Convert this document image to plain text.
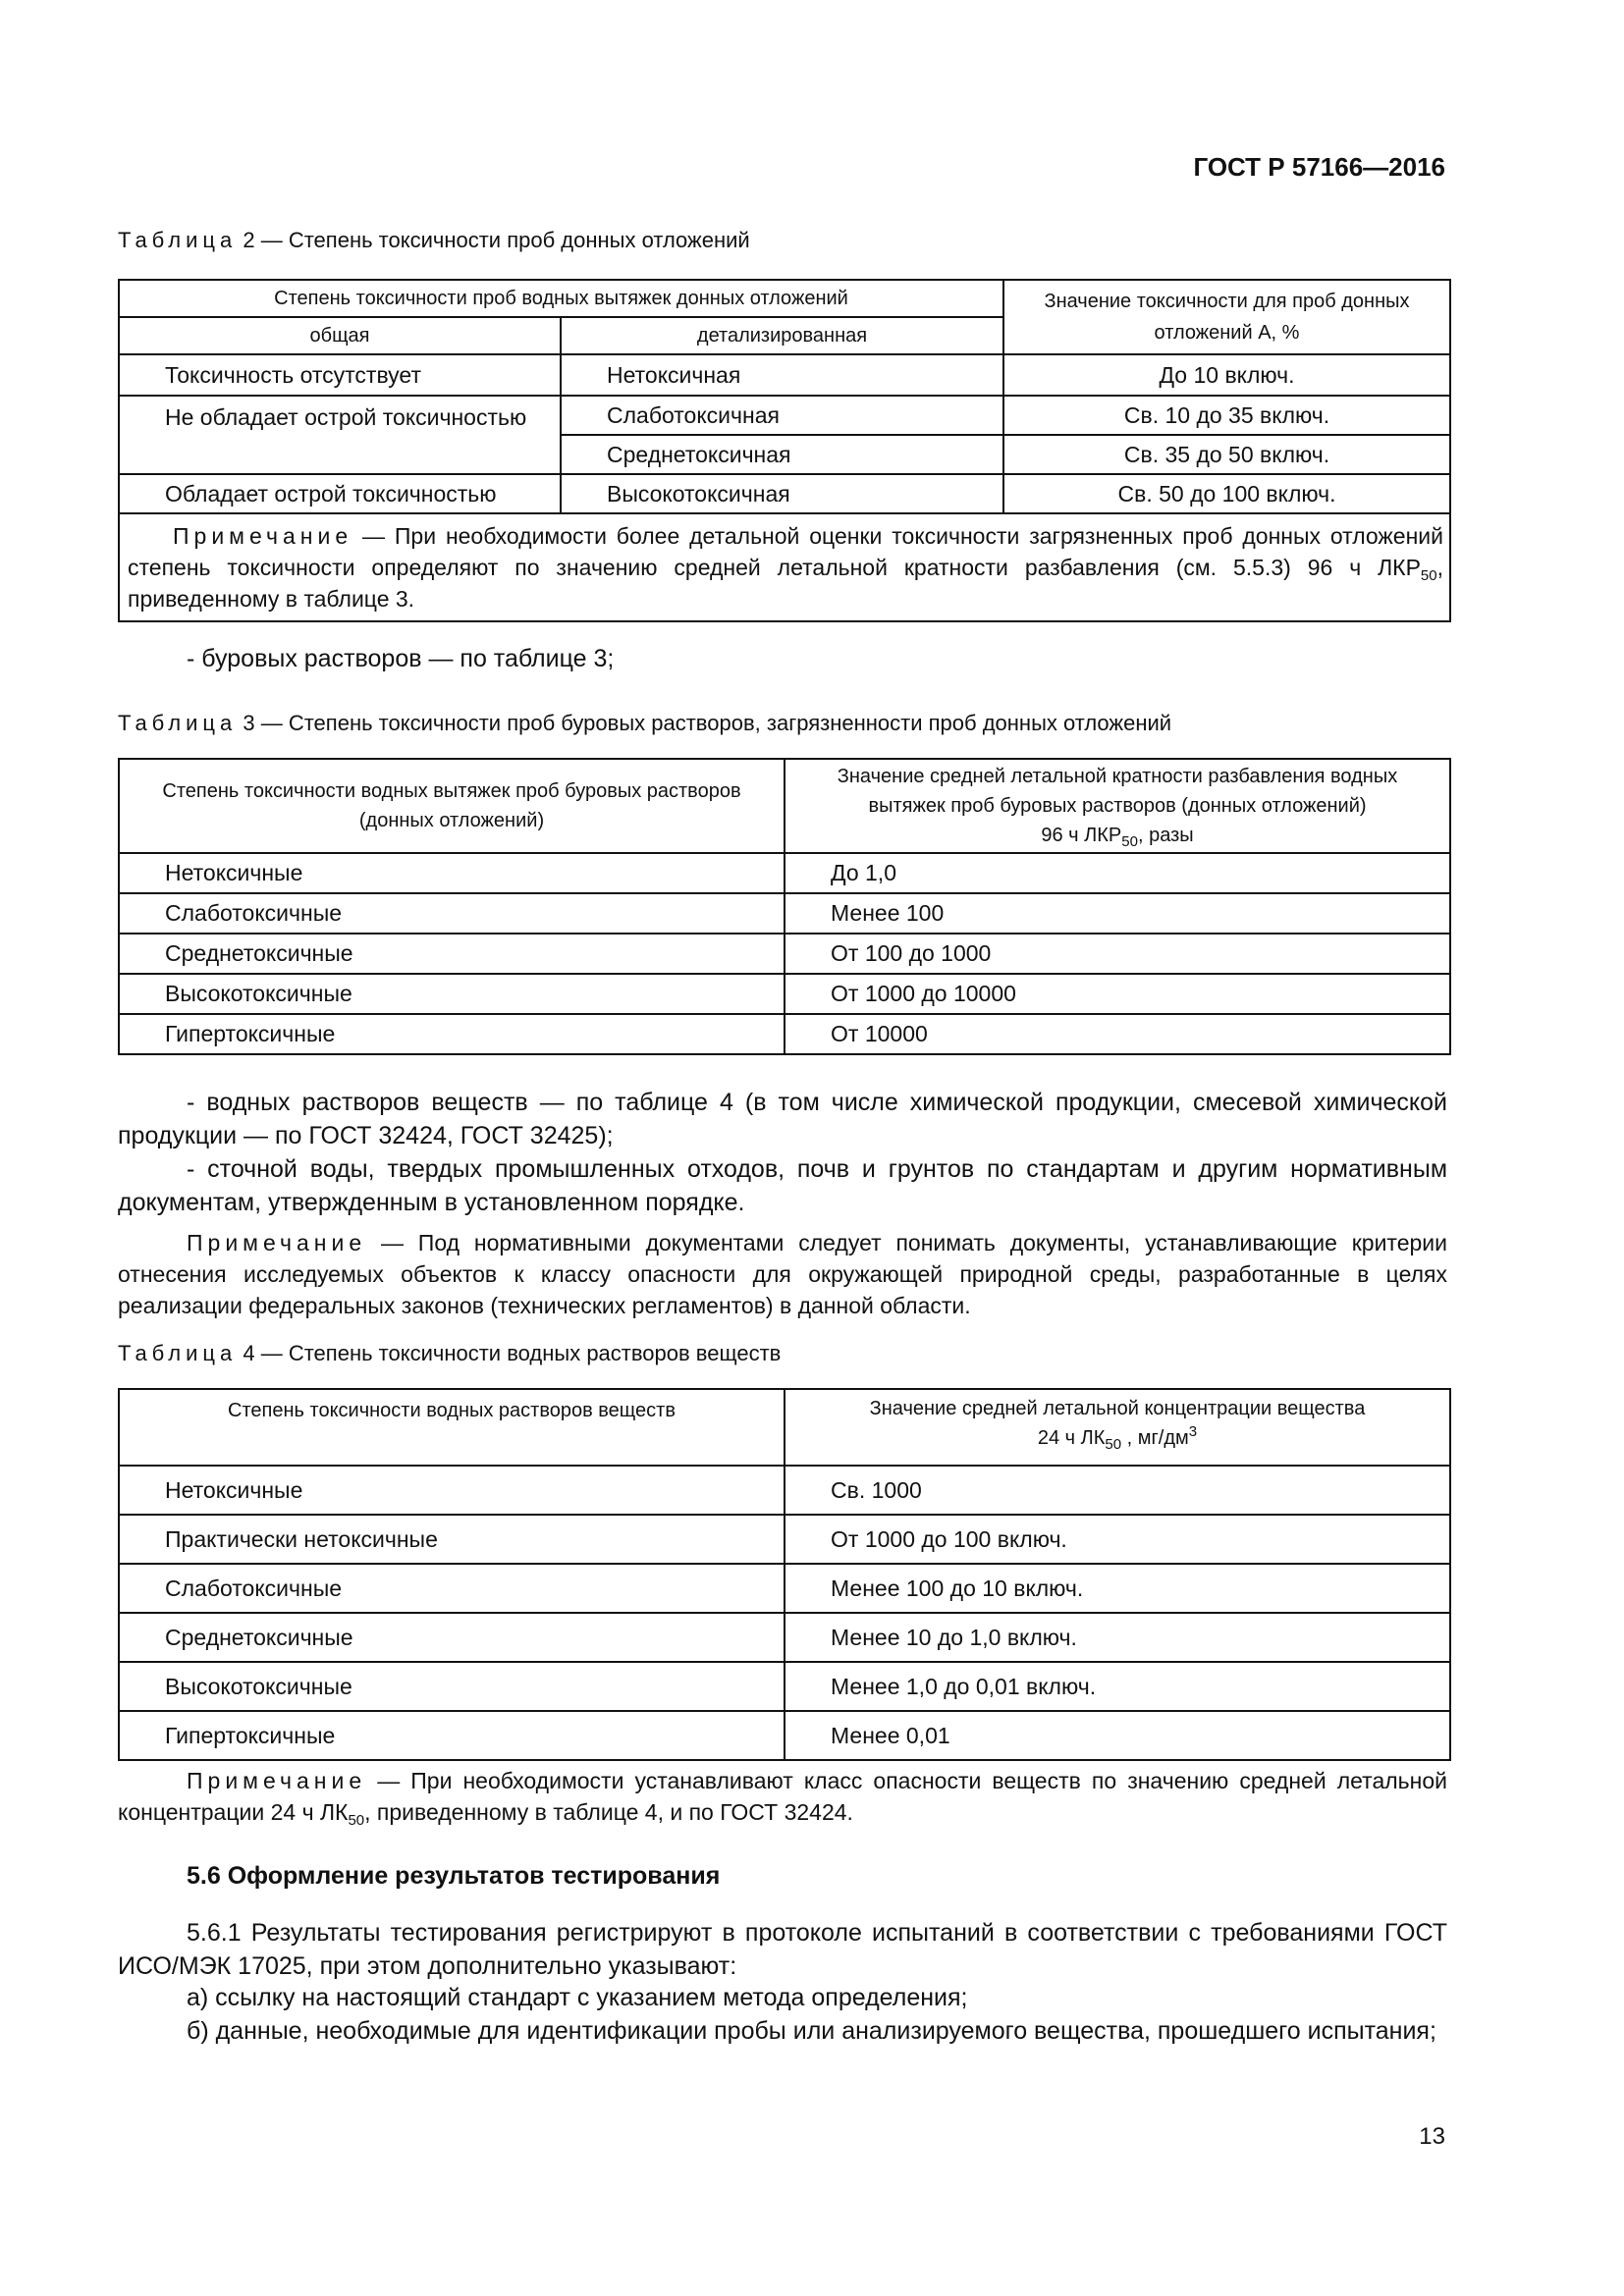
ГОСТ Р 57166—2016
Таблица 2 — Степень токсичности проб донных отложений
Степень токсичности проб водных вытяжек донных отложений		Значение токсичности для проб донных отложений А, %
общая	детализированная	
Токсичность отсутствует	Нетоксичная	До 10 включ.
Не обладает острой токсичностью	Слаботоксичная	Св. 10 до 35 включ.
	Среднетоксичная	Св. 35 до 50 включ.
Обладает острой токсичностью	Высокотоксичная	Св. 50 до 100 включ.
Примечание — При необходимости более детальной оценки токсичности загрязненных проб донных отложений степень токсичности определяют по значению средней летальной кратности разбавления (см. 5.5.3) 96 ч $ЛКР_{50}$, приведенному в таблице 3.		
- буровых растворов — по таблице 3;
Таблица 3 — Степень токсичности проб буровых растворов, загрязненности проб донных отложений
Степень токсичности водных вытяжек проб буровых растворов (донных отложений)	Значение средней летальной кратности разбавления водных вытяжек проб буровых растворов (донных отложений)
96 ч $ЛКР_{50}$, разы
Нетоксичные	До 1,0
Слаботоксичные	Менее 100
Среднетоксичные	От 100 до 1000
Высокотоксичные	От 1000 до 10000
Гипертоксичные	От 10000
- водных растворов веществ — по таблице 4 (в том числе химической продукции, смесевой химической продукции — по ГОСТ 32424, ГОСТ 32425);
- сточной воды, твердых промышленных отходов, почв и грунтов по стандартам и другим нормативным документам, утвержденным в установленном порядке.
Примечание — Под нормативными документами следует понимать документы, устанавливающие критерии отнесения исследуемых объектов к классу опасности для окружающей природной среды, разработанные в целях реализации федеральных законов (технических регламентов) в данной области.
Таблица 4 — Степень токсичности водных растворов веществ
Степень токсичности водных растворов веществ	Значение средней летальной концентрации вещества
24 ч $ЛК_{50}$ , $мг/дм^3$
Нетоксичные	Св. 1000
Практически нетоксичные	От 1000 до 100 включ.
Слаботоксичные	Менее 100 до 10 включ.
Среднетоксичные	Менее 10 до 1,0 включ.
Высокотоксичные	Менее 1,0 до 0,01 включ.
Гипертоксичные	Менее 0,01
Примечание — При необходимости устанавливают класс опасности веществ по значению средней летальной концентрации 24 ч $ЛК_{50}$, приведенному в таблице 4, и по ГОСТ 32424.
5.6 Оформление результатов тестирования
5.6.1 Результаты тестирования регистрируют в протоколе испытаний в соответствии с требованиями ГОСТ ИСО/МЭК 17025, при этом дополнительно указывают:
а) ссылку на настоящий стандарт с указанием метода определения;
б) данные, необходимые для идентификации пробы или анализируемого вещества, прошедшего испытания;
13
